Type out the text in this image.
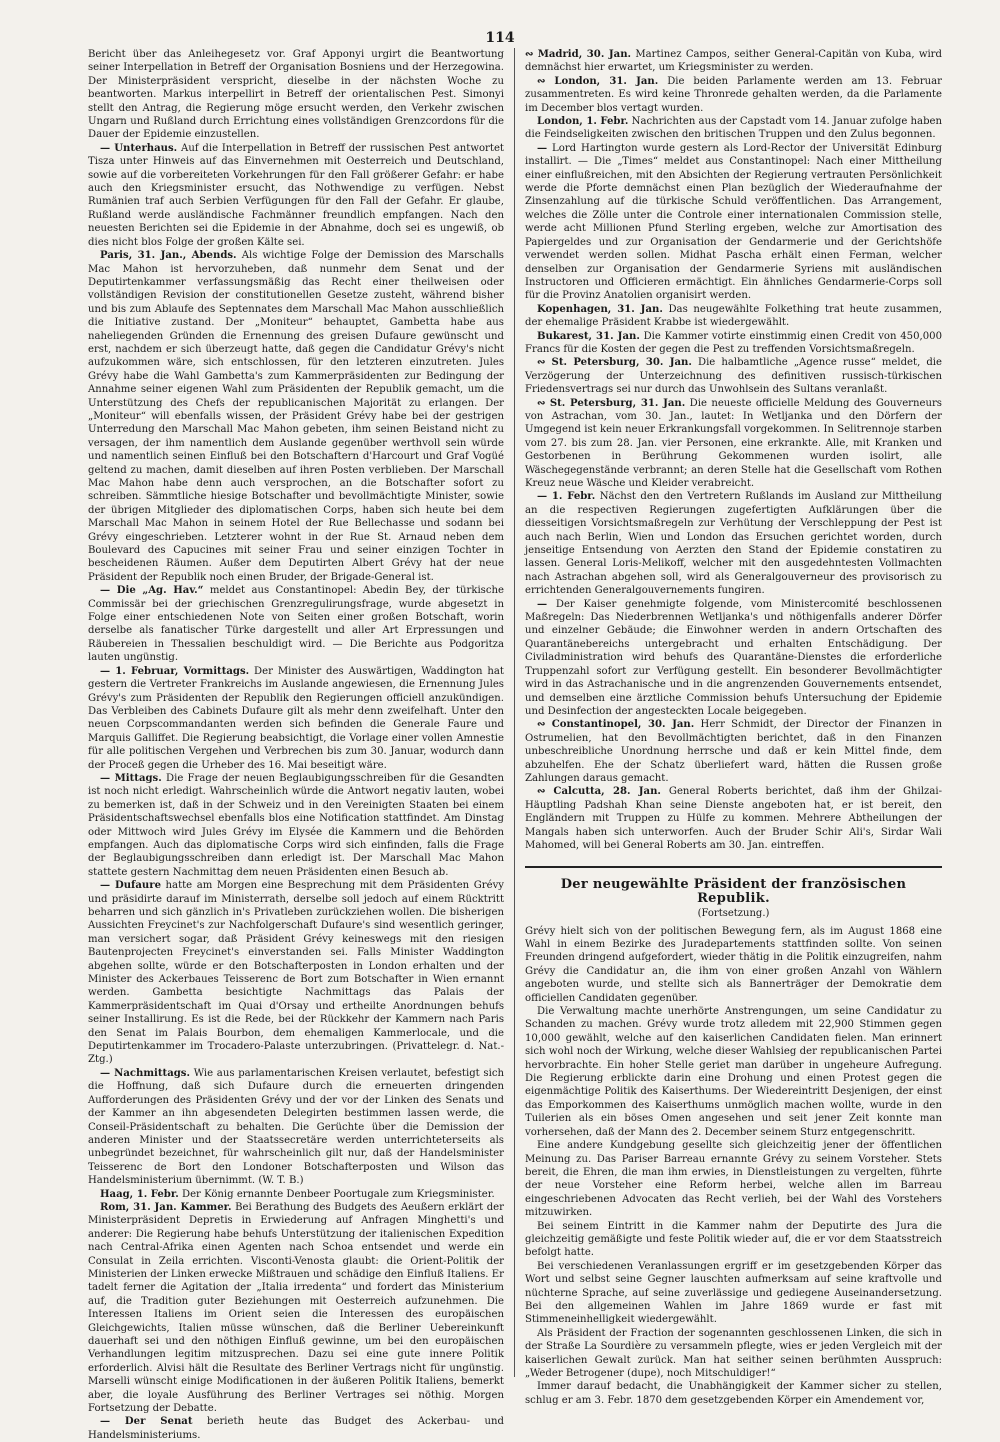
114

Bericht über das Anleihegesetz vor. Graf Apponyi urgirt die Beantwortung seiner Interpellation in Betreff der Organisation Bosniens und der Herzegowina. Der Ministerpräsident verspricht, dieselbe in der nächsten Woche zu beantworten. Markus interpellirt in Betreff der orientalischen Pest. Simonyi stellt den Antrag, die Regierung möge ersucht werden, den Verkehr zwischen Ungarn und Rußland durch Errichtung eines vollständigen Grenzcordons für die Dauer der Epidemie einzustellen.

— Unterhaus. Auf die Interpellation in Betreff der russischen Pest antwortet Tisza unter Hinweis auf das Einvernehmen mit Oesterreich und Deutschland, sowie auf die vorbereiteten Vorkehrungen für den Fall größerer Gefahr: er habe auch den Kriegsminister ersucht, das Nothwendige zu verfügen. Nebst Rumänien traf auch Serbien Verfügungen für den Fall der Gefahr. Er glaube, Rußland werde ausländische Fachmänner freundlich empfangen. Nach den neuesten Berichten sei die Epidemie in der Abnahme, doch sei es ungewiß, ob dies nicht blos Folge der großen Kälte sei.

Paris, 31. Jan., Abends. Als wichtige Folge der Demission des Marschalls Mac Mahon ist hervorzuheben, daß nunmehr dem Senat und der Deputirtenkammer verfassungsmäßig das Recht einer theilweisen oder vollständigen Revision der constitutionellen Gesetze zusteht, während bisher und bis zum Ablaufe des Septennates dem Marschall Mac Mahon ausschließlich die Initiative zustand. Der „Moniteur“ behauptet, Gambetta habe aus naheliegenden Gründen die Ernennung des greisen Dufaure gewünscht und erst, nachdem er sich überzeugt hatte, daß gegen die Candidatur Grévy's nicht aufzukommen wäre, sich entschlossen, für den letzteren einzutreten. Jules Grévy habe die Wahl Gambetta's zum Kammerpräsidenten zur Bedingung der Annahme seiner eigenen Wahl zum Präsidenten der Republik gemacht, um die Unterstützung des Chefs der republicanischen Majorität zu erlangen. Der „Moniteur“ will ebenfalls wissen, der Präsident Grévy habe bei der gestrigen Unterredung den Marschall Mac Mahon gebeten, ihm seinen Beistand nicht zu versagen, der ihm namentlich dem Auslande gegenüber werthvoll sein würde und namentlich seinen Einfluß bei den Botschaftern d'Harcourt und Graf Vogüé geltend zu machen, damit dieselben auf ihren Posten verblieben. Der Marschall Mac Mahon habe denn auch versprochen, an die Botschafter sofort zu schreiben. Sämmtliche hiesige Botschafter und bevollmächtigte Minister, sowie der übrigen Mitglieder des diplomatischen Corps, haben sich heute bei dem Marschall Mac Mahon in seinem Hotel der Rue Bellechasse und sodann bei Grévy eingeschrieben. Letzterer wohnt in der Rue St. Arnaud neben dem Boulevard des Capucines mit seiner Frau und seiner einzigen Tochter in bescheidenen Räumen. Außer dem Deputirten Albert Grévy hat der neue Präsident der Republik noch einen Bruder, der Brigade-General ist.

— Die „Ag. Hav.“ meldet aus Constantinopel: Abedin Bey, der türkische Commissär bei der griechischen Grenzregulirungsfrage, wurde abgesetzt in Folge einer entschiedenen Note von Seiten einer großen Botschaft, worin derselbe als fanatischer Türke dargestellt und aller Art Erpressungen und Räubereien in Thessalien beschuldigt wird. — Die Berichte aus Podgoritza lauten ungünstig.

— 1. Februar, Vormittags. Der Minister des Auswärtigen, Waddington hat gestern die Vertreter Frankreichs im Auslande angewiesen, die Ernennung Jules Grévy's zum Präsidenten der Republik den Regierungen officiell anzukündigen. Das Verbleiben des Cabinets Dufaure gilt als mehr denn zweifelhaft. Unter den neuen Corpscommandanten werden sich befinden die Generale Faure und Marquis Galliffet. Die Regierung beabsichtigt, die Vorlage einer vollen Amnestie für alle politischen Vergehen und Verbrechen bis zum 30. Januar, wodurch dann der Proceß gegen die Urheber des 16. Mai beseitigt wäre.

— Mittags. Die Frage der neuen Beglaubigungsschreiben für die Gesandten ist noch nicht erledigt. Wahrscheinlich würde die Antwort negativ lauten, wobei zu bemerken ist, daß in der Schweiz und in den Vereinigten Staaten bei einem Präsidentschaftswechsel ebenfalls blos eine Notification stattfindet. Am Dinstag oder Mittwoch wird Jules Grévy im Elysée die Kammern und die Behörden empfangen. Auch das diplomatische Corps wird sich einfinden, falls die Frage der Beglaubigungsschreiben dann erledigt ist. Der Marschall Mac Mahon stattete gestern Nachmittag dem neuen Präsidenten einen Besuch ab.

— Dufaure hatte am Morgen eine Besprechung mit dem Präsidenten Grévy und präsidirte darauf im Ministerrath, derselbe soll jedoch auf einem Rücktritt beharren und sich gänzlich in's Privatleben zurückziehen wollen. Die bisherigen Aussichten Freycinet's zur Nachfolgerschaft Dufaure's sind wesentlich geringer, man versichert sogar, daß Präsident Grévy keineswegs mit den riesigen Bautenprojecten Freycinet's einverstanden sei. Falls Minister Waddington abgehen sollte, würde er den Botschafterposten in London erhalten und der Minister des Ackerbaues Teisserenc de Bort zum Botschafter in Wien ernannt werden. Gambetta besichtigte Nachmittags das Palais der Kammerpräsidentschaft im Quai d'Orsay und ertheilte Anordnungen behufs seiner Installirung. Es ist die Rede, bei der Rückkehr der Kammern nach Paris den Senat im Palais Bourbon, dem ehemaligen Kammerlocale, und die Deputirtenkammer im Trocadero-Palaste unterzubringen. (Privattelegr. d. Nat.-Ztg.)

— Nachmittags. Wie aus parlamentarischen Kreisen verlautet, befestigt sich die Hoffnung, daß sich Dufaure durch die erneuerten dringenden Aufforderungen des Präsidenten Grévy und der vor der Linken des Senats und der Kammer an ihn abgesendeten Delegirten bestimmen lassen werde, die Conseil-Präsidentschaft zu behalten. Die Gerüchte über die Demission der anderen Minister und der Staatssecretäre werden unterrichteterseits als unbegründet bezeichnet, für wahrscheinlich gilt nur, daß der Handelsminister Teisserenc de Bort den Londoner Botschafterposten und Wilson das Handelsministerium übernimmt. (W. T. B.)

Haag, 1. Febr. Der König ernannte Denbeer Poortugale zum Kriegsminister.

Rom, 31. Jan. Kammer. Bei Berathung des Budgets des Aeußern erklärt der Ministerpräsident Depretis in Erwiederung auf Anfragen Minghetti's und anderer: Die Regierung habe behufs Unterstützung der italienischen Expedition nach Central-Afrika einen Agenten nach Schoa entsendet und werde ein Consulat in Zeila errichten. Visconti-Venosta glaubt: die Orient-Politik der Ministerien der Linken erwecke Mißtrauen und schädige den Einfluß Italiens. Er tadelt ferner die Agitation der „Italia irredenta“ und fordert das Ministerium auf, die Tradition guter Beziehungen mit Oesterreich aufzunehmen. Die Interessen Italiens im Orient seien die Interessen des europäischen Gleichgewichts, Italien müsse wünschen, daß die Berliner Uebereinkunft dauerhaft sei und den nöthigen Einfluß gewinne, um bei den europäischen Verhandlungen legitim mitzusprechen. Dazu sei eine gute innere Politik erforderlich. Alvisi hält die Resultate des Berliner Vertrags nicht für ungünstig. Marselli wünscht einige Modificationen in der äußeren Politik Italiens, bemerkt aber, die loyale Ausführung des Berliner Vertrages sei nöthig. Morgen Fortsetzung der Debatte.

— Der Senat berieth heute das Budget des Ackerbau- und Handelsministeriums.

∾ Madrid, 30. Jan. Martinez Campos, seither General-Capitän von Kuba, wird demnächst hier erwartet, um Kriegsminister zu werden.

∾ London, 31. Jan. Die beiden Parlamente werden am 13. Februar zusammentreten. Es wird keine Thronrede gehalten werden, da die Parlamente im December blos vertagt wurden.

London, 1. Febr. Nachrichten aus der Capstadt vom 14. Januar zufolge haben die Feindseligkeiten zwischen den britischen Truppen und den Zulus begonnen.

— Lord Hartington wurde gestern als Lord-Rector der Universität Edinburg installirt. — Die „Times“ meldet aus Constantinopel: Nach einer Mittheilung einer einflußreichen, mit den Absichten der Regierung vertrauten Persönlichkeit werde die Pforte demnächst einen Plan bezüglich der Wiederaufnahme der Zinsenzahlung auf die türkische Schuld veröffentlichen. Das Arrangement, welches die Zölle unter die Controle einer internationalen Commission stelle, werde acht Millionen Pfund Sterling ergeben, welche zur Amortisation des Papiergeldes und zur Organisation der Gendarmerie und der Gerichtshöfe verwendet werden sollen. Midhat Pascha erhält einen Ferman, welcher denselben zur Organisation der Gendarmerie Syriens mit ausländischen Instructoren und Officieren ermächtigt. Ein ähnliches Gendarmerie-Corps soll für die Provinz Anatolien organisirt werden.

Kopenhagen, 31. Jan. Das neugewählte Folkething trat heute zusammen, der ehemalige Präsident Krabbe ist wiedergewählt.

Bukarest, 31. Jan. Die Kammer votirte einstimmig einen Credit von 450,000 Francs für die Kosten der gegen die Pest zu treffenden Vorsichtsmaßregeln.

∾ St. Petersburg, 30. Jan. Die halbamtliche „Agence russe“ meldet, die Verzögerung der Unterzeichnung des definitiven russisch-türkischen Friedensvertrags sei nur durch das Unwohlsein des Sultans veranlaßt.

∾ St. Petersburg, 31. Jan. Die neueste officielle Meldung des Gouverneurs von Astrachan, vom 30. Jan., lautet: In Wetljanka und den Dörfern der Umgegend ist kein neuer Erkrankungsfall vorgekommen. In Selitrennoje starben vom 27. bis zum 28. Jan. vier Personen, eine erkrankte. Alle, mit Kranken und Gestorbenen in Berührung Gekommenen wurden isolirt, alle Wäschegegenstände verbrannt; an deren Stelle hat die Gesellschaft vom Rothen Kreuz neue Wäsche und Kleider verabreicht.

— 1. Febr. Nächst den den Vertretern Rußlands im Ausland zur Mittheilung an die respectiven Regierungen zugefertigten Aufklärungen über die diesseitigen Vorsichtsmaßregeln zur Verhütung der Verschleppung der Pest ist auch nach Berlin, Wien und London das Ersuchen gerichtet worden, durch jenseitige Entsendung von Aerzten den Stand der Epidemie constatiren zu lassen. General Loris-Melikoff, welcher mit den ausgedehntesten Vollmachten nach Astrachan abgehen soll, wird als Generalgouverneur des provisorisch zu errichtenden Generalgouvernements fungiren.

— Der Kaiser genehmigte folgende, vom Ministercomité beschlossenen Maßregeln: Das Niederbrennen Wetljanka's und nöthigenfalls anderer Dörfer und einzelner Gebäude; die Einwohner werden in andern Ortschaften des Quarantänebereichs untergebracht und erhalten Entschädigung. Der Civiladministration wird behufs des Quarantäne-Dienstes die erforderliche Truppenzahl sofort zur Verfügung gestellt. Ein besonderer Bevollmächtigter wird in das Astrachanische und in die angrenzenden Gouvernements entsendet, und demselben eine ärztliche Commission behufs Untersuchung der Epidemie und Desinfection der angesteckten Locale beigegeben.

∾ Constantinopel, 30. Jan. Herr Schmidt, der Director der Finanzen in Ostrumelien, hat den Bevollmächtigten berichtet, daß in den Finanzen unbeschreibliche Unordnung herrsche und daß er kein Mittel finde, dem abzuhelfen. Ehe der Schatz überliefert ward, hätten die Russen große Zahlungen daraus gemacht.

∾ Calcutta, 28. Jan. General Roberts berichtet, daß ihm der Ghilzai-Häuptling Padshah Khan seine Dienste angeboten hat, er ist bereit, den Engländern mit Truppen zu Hülfe zu kommen. Mehrere Abtheilungen der Mangals haben sich unterworfen. Auch der Bruder Schir Ali's, Sirdar Wali Mahomed, will bei General Roberts am 30. Jan. eintreffen.

Der neugewählte Präsident der französischen Republik.
(Fortsetzung.)

Grévy hielt sich von der politischen Bewegung fern, als im August 1868 eine Wahl in einem Bezirke des Juradepartements stattfinden sollte. Von seinen Freunden dringend aufgefordert, wieder thätig in die Politik einzugreifen, nahm Grévy die Candidatur an, die ihm von einer großen Anzahl von Wählern angeboten wurde, und stellte sich als Bannerträger der Demokratie dem officiellen Candidaten gegenüber.

Die Verwaltung machte unerhörte Anstrengungen, um seine Candidatur zu Schanden zu machen. Grévy wurde trotz alledem mit 22,900 Stimmen gegen 10,000 gewählt, welche auf den kaiserlichen Candidaten fielen. Man erinnert sich wohl noch der Wirkung, welche dieser Wahlsieg der republicanischen Partei hervorbrachte. Ein hoher Stelle geriet man darüber in ungeheure Aufregung. Die Regierung erblickte darin eine Drohung und einen Protest gegen die eigenmächtige Politik des Kaiserthums. Der Wiedereintritt Desjenigen, der einst das Emporkommen des Kaiserthums unmöglich machen wollte, wurde in den Tuilerien als ein böses Omen angesehen und seit jener Zeit konnte man vorhersehen, daß der Mann des 2. December seinem Sturz entgegenschritt.

Eine andere Kundgebung gesellte sich gleichzeitig jener der öffentlichen Meinung zu. Das Pariser Barreau ernannte Grévy zu seinem Vorsteher. Stets bereit, die Ehren, die man ihm erwies, in Dienstleistungen zu vergelten, führte der neue Vorsteher eine Reform herbei, welche allen im Barreau eingeschriebenen Advocaten das Recht verlieh, bei der Wahl des Vorstehers mitzuwirken.

Bei seinem Eintritt in die Kammer nahm der Deputirte des Jura die gleichzeitig gemäßigte und feste Politik wieder auf, die er vor dem Staatsstreich befolgt hatte.

Bei verschiedenen Veranlassungen ergriff er im gesetzgebenden Körper das Wort und selbst seine Gegner lauschten aufmerksam auf seine kraftvolle und nüchterne Sprache, auf seine zuverlässige und gediegene Auseinandersetzung. Bei den allgemeinen Wahlen im Jahre 1869 wurde er fast mit Stimmeneinhelligkeit wiedergewählt.

Als Präsident der Fraction der sogenannten geschlossenen Linken, die sich in der Straße La Sourdière zu versammeln pflegte, wies er jeden Vergleich mit der kaiserlichen Gewalt zurück. Man hat seither seinen berühmten Ausspruch: „Weder Betrogener (dupe), noch Mitschuldiger!“

Immer darauf bedacht, die Unabhängigkeit der Kammer sicher zu stellen, schlug er am 3. Febr. 1870 dem gesetzgebenden Körper ein Amendement vor,
